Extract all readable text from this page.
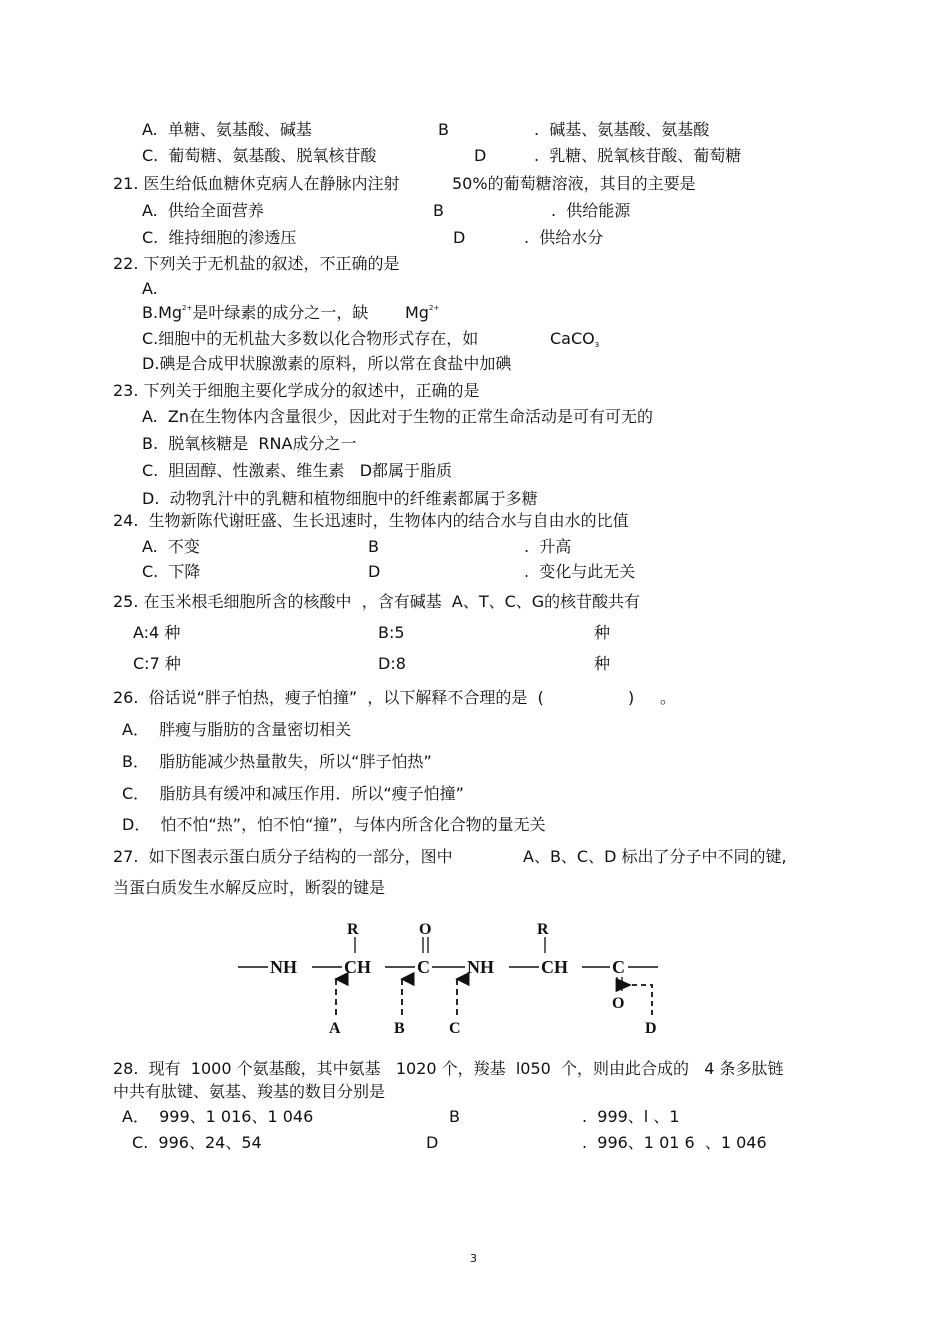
A.  单糖、氨基酸、碱基	B	.  碱基、氨基酸、氨基酸
C.  葡萄糖、氨基酸、脱氧核苷酸	D	.  乳糖、脱氧核苷酸、葡萄糖
21. 医生给低血糖休克病人在静脉内注射	50%的葡萄糖溶液，其目的主要是
A.  供给全面营养	B	.  供给能源
C.  维持细胞的渗透压	D	.  供给水分
22. 下列关于无机盐的叙述，不正确的是
A.
$B.Mg^{2+}$是叶绿素的成分之一，缺 $Mg^{2+}$
C.细胞中的无机盐大多数以化合物形式存在，如	CaCO3
D.碘是合成甲状腺激素的原料，所以常在食盐中加碘
23. 下列关于细胞主要化学成分的叙述中，正确的是
A.  Zn在生物体内含量很少，因此对于生物的正常生命活动是可有可无的
B.  脱氧核糖是  RNA成分之一
C.  胆固醇、性激素、维生素   D都属于脂质
D.  动物乳汁中的乳糖和植物细胞中的纤维素都属于多糖
24.  生物新陈代谢旺盛、生长迅速时，生物体内的结合水与自由水的比值
A.  不变	B	.  升高
C.  下降	D	.  变化与此无关
25. 在玉米根毛细胞所含的核酸中  ，含有碱基  A、T、C、G的核苷酸共有
A:4 种	B:5	种
C:7 种	D:8	种
26.  俗话说“胖子怕热，瘦子怕撞”  ，以下解释不合理的是  (	) 。
A．  胖瘦与脂肪的含量密切相关
B．  脂肪能减少热量散失，所以“胖子怕热”
C．  脂肪具有缓冲和减压作用．所以“瘦子怕撞”
D．  怕不怕“热”，怕不怕“撞”，与体内所含化合物的量无关
27.  如下图表示蛋白质分子结构的一部分，图中	A、B、C、D 标出了分子中不同的键,
当蛋白质发生水解反应时，断裂的键是
NH	CH	C NH	CH C
R	O	R
O
A	B	C	D
28.  现有  1000 个氨基酸，其中氨基   1020 个，羧基  l050  个，则由此合成的   4 条多肽链
中共有肽键、氨基、羧基的数目分别是
A．  999、1 016、1 046	B	.  999、l 、1
C.  996、24、54	D	.  996、1 01 6  、1 046
3
